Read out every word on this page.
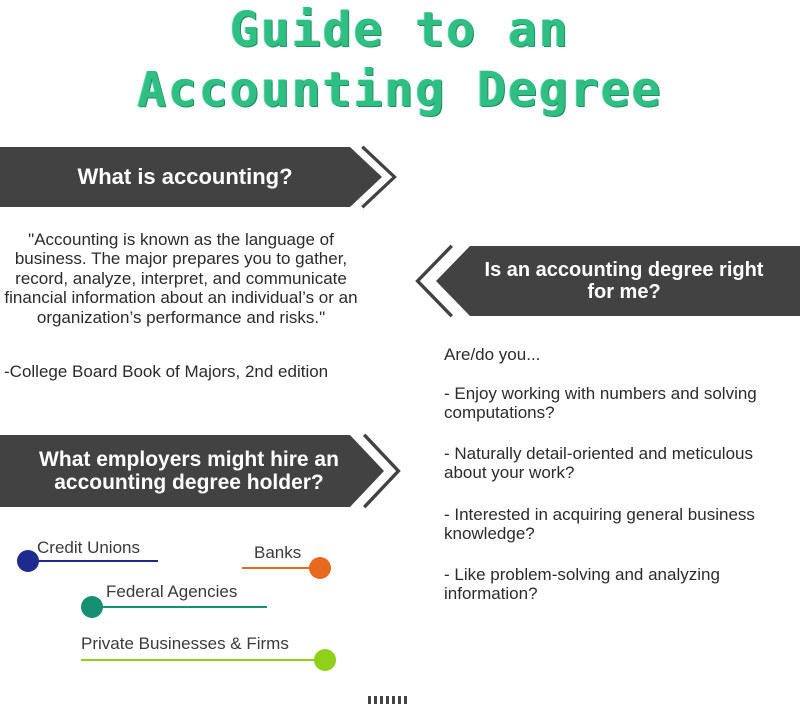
Guide to an
Accounting Degree
What is accounting?

"Accounting is known as the language of business. The major prepares you to gather, record, analyze, interpret, and communicate financial information about an individual’s or an organization’s performance and risks."

-College Board Book of Majors, 2nd edition

Is an accounting degree right for me?

Are/do you...

- Enjoy working with numbers and solving computations?

- Naturally detail-oriented and meticulous about your work?

- Interested in acquiring general business knowledge?

- Like problem-solving and analyzing information?

What employers might hire an accounting degree holder?
Credit Unions	Banks
Federal Agencies
Private Businesses & Firms
